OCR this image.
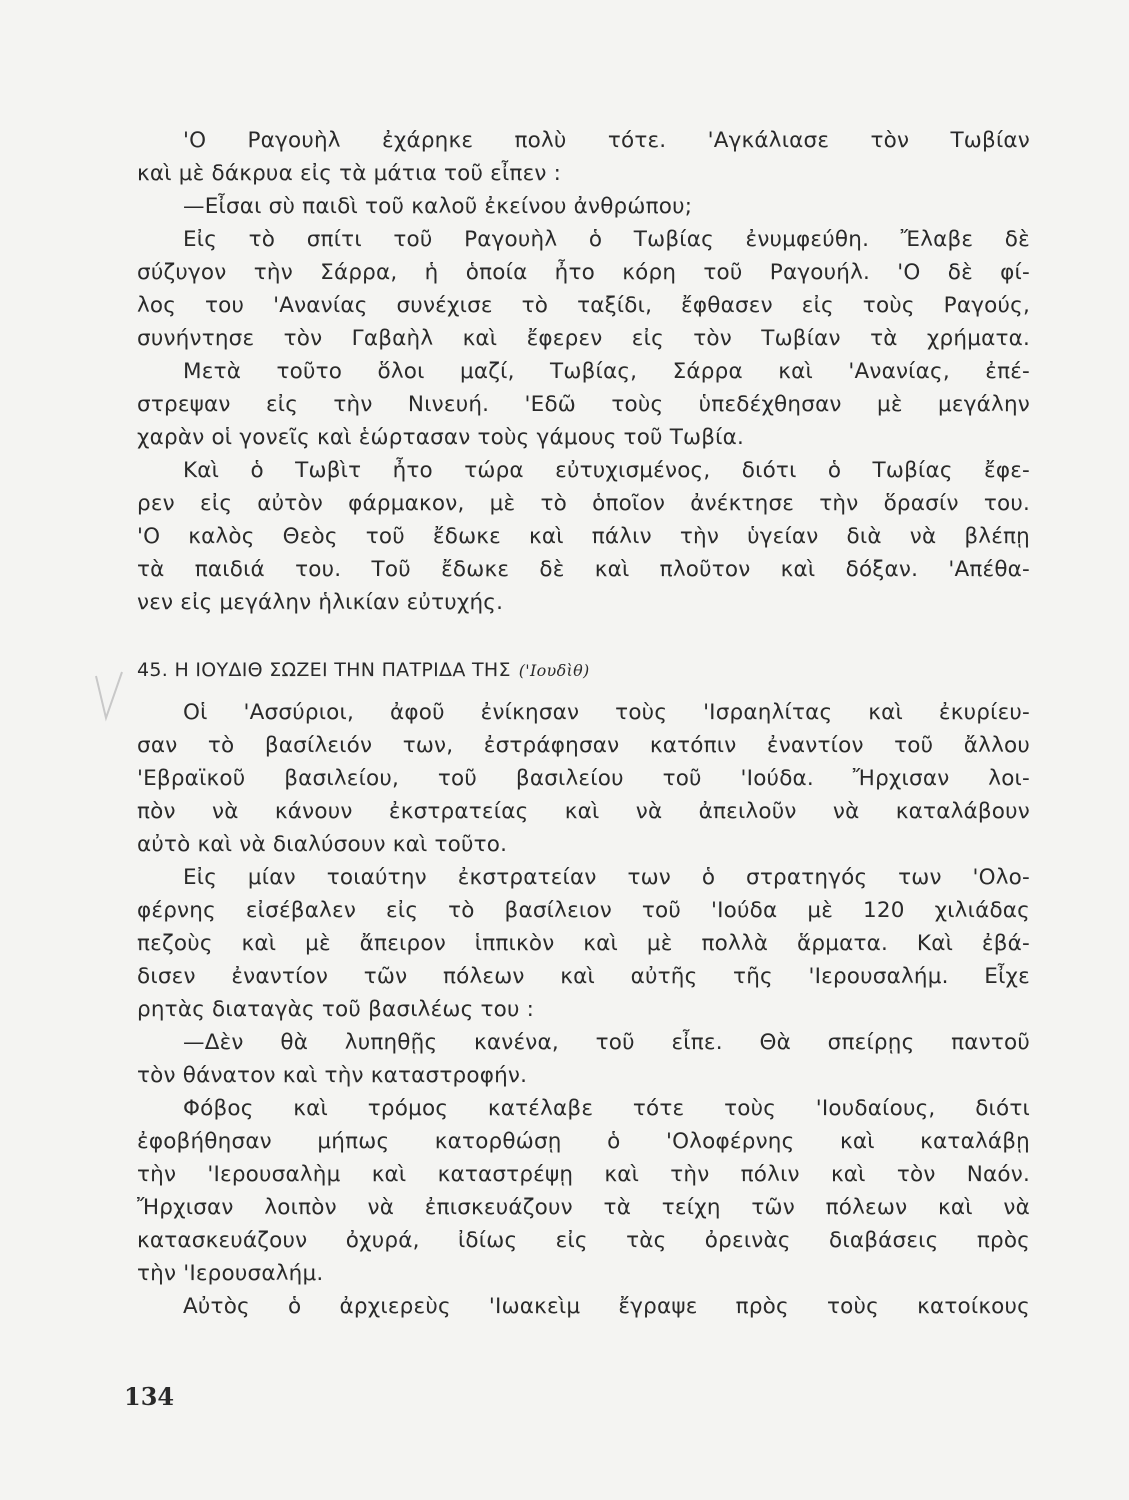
'Ο Ραγουὴλ ἐχάρηκε πολὺ τότε. 'Αγκάλιασε τὸν Τωβίαν
καὶ μὲ δάκρυα εἰς τὰ μάτια τοῦ εἶπεν :
—Εἶσαι σὺ παιδὶ τοῦ καλοῦ ἐκείνου ἀνθρώπου;
Εἰς τὸ σπίτι τοῦ Ραγουὴλ ὁ Τωβίας ἐνυμφεύθη. Ἔλαβε δὲ
σύζυγον τὴν Σάρρα, ἡ ὁποία ἦτο κόρη τοῦ Ραγουήλ. 'Ο δὲ φί-
λος του 'Ανανίας συνέχισε τὸ ταξίδι, ἔφθασεν εἰς τοὺς Ραγούς,
συνήντησε τὸν Γαβαὴλ καὶ ἔφερεν εἰς τὸν Τωβίαν τὰ χρήματα.
Μετὰ τοῦτο ὅλοι μαζί, Τωβίας, Σάρρα καὶ 'Ανανίας, ἐπέ-
στρεψαν εἰς τὴν Νινευή. 'Εδῶ τοὺς ὑπεδέχθησαν μὲ μεγάλην
χαρὰν οἱ γονεῖς καὶ ἑώρτασαν τοὺς γάμους τοῦ Τωβία.
Καὶ ὁ Τωβὶτ ἦτο τώρα εὐτυχισμένος, διότι ὁ Τωβίας ἔφε-
ρεν εἰς αὐτὸν φάρμακον, μὲ τὸ ὁποῖον ἀνέκτησε τὴν ὅρασίν του.
'Ο καλὸς Θεὸς τοῦ ἔδωκε καὶ πάλιν τὴν ὑγείαν διὰ νὰ βλέπῃ
τὰ παιδιά του. Τοῦ ἔδωκε δὲ καὶ πλοῦτον καὶ δόξαν. 'Απέθα-
νεν εἰς μεγάλην ἡλικίαν εὐτυχής.
45. Η ΙΟΥΔΙΘ ΣΩΖΕΙ ΤΗΝ ΠΑΤΡΙΔΑ ΤΗΣ ('Ιουδὶθ)
Οἱ 'Ασσύριοι, ἀφοῦ ἐνίκησαν τοὺς 'Ισραηλίτας καὶ ἐκυρίευ-
σαν τὸ βασίλειόν των, ἐστράφησαν κατόπιν ἐναντίον τοῦ ἄλλου
'Εβραϊκοῦ βασιλείου, τοῦ βασιλείου τοῦ 'Ιούδα. Ἤρχισαν λοι-
πὸν νὰ κάνουν ἐκστρατείας καὶ νὰ ἀπειλοῦν νὰ καταλάβουν
αὐτὸ καὶ νὰ διαλύσουν καὶ τοῦτο.
Εἰς μίαν τοιαύτην ἐκστρατείαν των ὁ στρατηγός των 'Ολο-
φέρνης εἰσέβαλεν εἰς τὸ βασίλειον τοῦ 'Ιούδα μὲ 120 χιλιάδας
πεζοὺς καὶ μὲ ἄπειρον ἱππικὸν καὶ μὲ πολλὰ ἅρματα. Καὶ ἐβά-
δισεν ἐναντίον τῶν πόλεων καὶ αὐτῆς τῆς 'Ιερουσαλήμ. Εἶχε
ρητὰς διαταγὰς τοῦ βασιλέως του :
—Δὲν θὰ λυπηθῇς κανένα, τοῦ εἶπε. Θὰ σπείρῃς παντοῦ
τὸν θάνατον καὶ τὴν καταστροφήν.
Φόβος καὶ τρόμος κατέλαβε τότε τοὺς 'Ιουδαίους, διότι
ἐφοβήθησαν μήπως κατορθώσῃ ὁ 'Ολοφέρνης καὶ καταλάβῃ
τὴν 'Ιερουσαλὴμ καὶ καταστρέψῃ καὶ τὴν πόλιν καὶ τὸν Ναόν.
Ἤρχισαν λοιπὸν νὰ ἐπισκευάζουν τὰ τείχη τῶν πόλεων καὶ νὰ
κατασκευάζουν ὀχυρά, ἰδίως εἰς τὰς ὀρεινὰς διαβάσεις πρὸς
τὴν 'Ιερουσαλήμ.
Αὐτὸς ὁ ἀρχιερεὺς 'Ιωακεὶμ ἔγραψε πρὸς τοὺς κατοίκους
134
